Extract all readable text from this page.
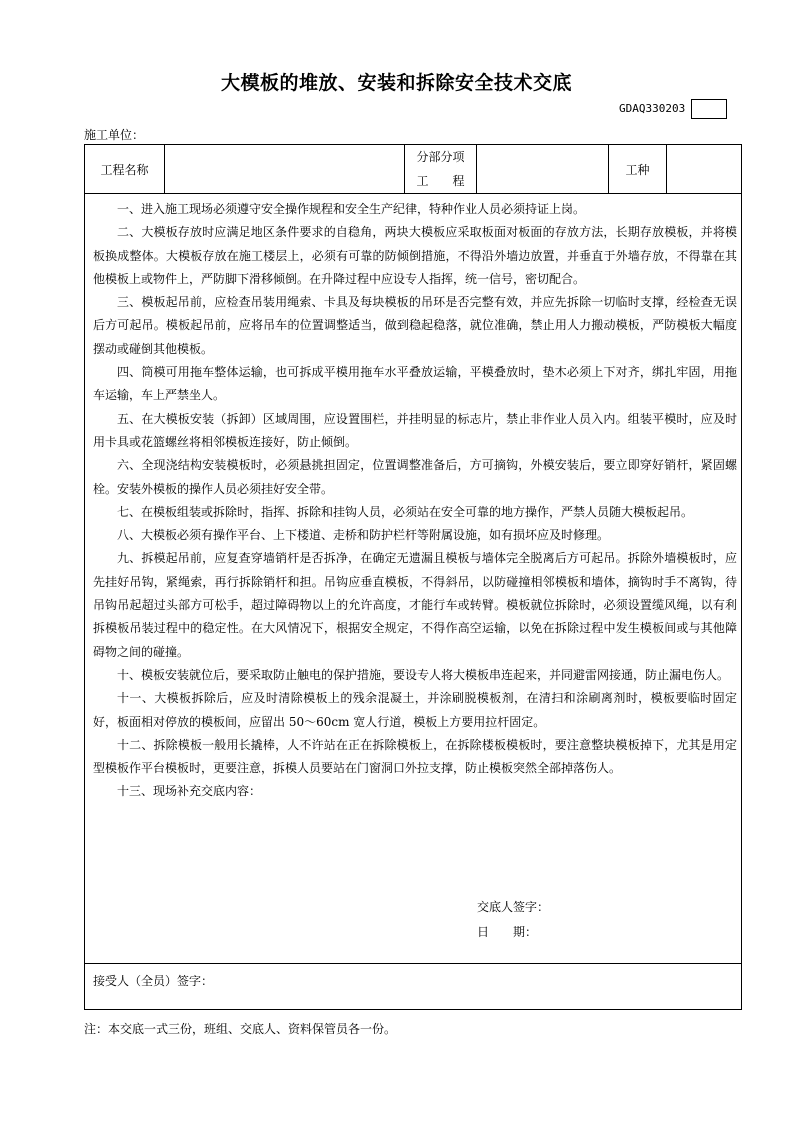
大模板的堆放、安装和拆除安全技术交底
GDAQ330203
施工单位：
工程名称
分部分项
工　　程
工种

一、进入施工现场必须遵守安全操作规程和安全生产纪律，特种作业人员必须持证上岗。

二、大模板存放时应满足地区条件要求的自稳角，两块大模板应采取板面对板面的存放方法，长期存放模板，并将模板换成整体。大模板存放在施工楼层上，必须有可靠的防倾倒措施，不得沿外墙边放置，并垂直于外墙存放，不得靠在其他模板上或物件上，严防脚下滑移倾倒。在升降过程中应设专人指挥，统一信号，密切配合。

三、模板起吊前，应检查吊装用绳索、卡具及每块模板的吊环是否完整有效，并应先拆除一切临时支撑，经检查无误后方可起吊。模板起吊前，应将吊车的位置调整适当，做到稳起稳落，就位准确，禁止用人力搬动模板，严防模板大幅度摆动或碰倒其他模板。

四、筒模可用拖车整体运输，也可拆成平模用拖车水平叠放运输，平模叠放时，垫木必须上下对齐，绑扎牢固，用拖车运输，车上严禁坐人。

五、在大模板安装（拆卸）区域周围，应设置围栏，并挂明显的标志片，禁止非作业人员入内。组装平模时，应及时用卡具或花篮螺丝将相邻模板连接好，防止倾倒。

六、全现浇结构安装模板时，必须悬挑担固定，位置调整准备后，方可摘钩，外模安装后，要立即穿好销杆，紧固螺栓。安装外模板的操作人员必须挂好安全带。

七、在模板组装或拆除时，指挥、拆除和挂钩人员，必须站在安全可靠的地方操作，严禁人员随大模板起吊。

八、大模板必须有操作平台、上下楼道、走桥和防护栏杆等附属设施，如有损坏应及时修理。

九、拆模起吊前，应复查穿墙销杆是否拆净，在确定无遗漏且模板与墙体完全脱离后方可起吊。拆除外墙模板时，应先挂好吊钩，紧绳索，再行拆除销杆和担。吊钩应垂直模板，不得斜吊，以防碰撞相邻模板和墙体，摘钩时手不离钩，待吊钩吊起超过头部方可松手，超过障碍物以上的允许高度，才能行车或转臂。模板就位拆除时，必须设置缆风绳，以有利拆模板吊装过程中的稳定性。在大风情况下，根据安全规定，不得作高空运输，以免在拆除过程中发生模板间或与其他障碍物之间的碰撞。

十、模板安装就位后，要采取防止触电的保护措施，要设专人将大模板串连起来，并同避雷网接通，防止漏电伤人。

十一、大模板拆除后，应及时清除模板上的残余混凝土，并涂刷脱模板剂，在清扫和涂刷离剂时，模板要临时固定好，板面相对停放的模板间，应留出 50～60cm 宽人行道，模板上方要用拉杆固定。

十二、拆除模板一般用长撬棒，人不许站在正在拆除模板上，在拆除楼板模板时，要注意整块模板掉下，尤其是用定型模板作平台模板时，更要注意，拆模人员要站在门窗洞口外拉支撑，防止模板突然全部掉落伤人。

十三、现场补充交底内容：

交底人签字：
日　　期：
接受人（全员）签字：
注：本交底一式三份，班组、交底人、资料保管员各一份。
